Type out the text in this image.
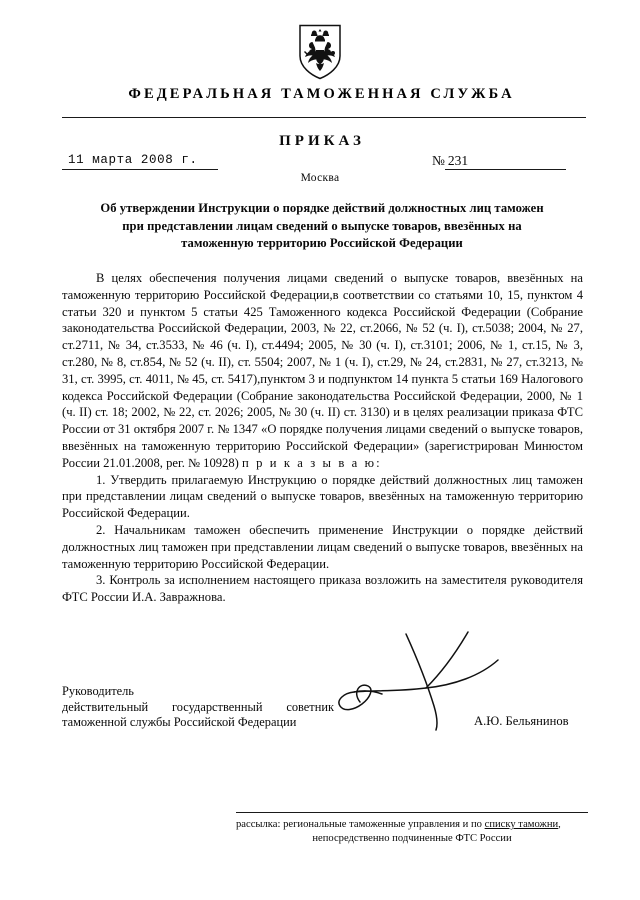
ФЕДЕРАЛЬНАЯ ТАМОЖЕННАЯ СЛУЖБА
ПРИКАЗ
11 марта 2008 г.	№ 231
Москва
Об утверждении Инструкции о порядке действий должностных лиц таможен
при представлении лицам сведений о выпуске товаров, ввезённых на
таможенную территорию Российской Федерации

В целях обеспечения получения лицами сведений о выпуске товаров, ввезённых на таможенную территорию Российской Федерации,в соответствии со статьями 10, 15, пунктом 4 статьи 320 и пунктом 5 статьи 425 Таможенного кодекса Российской Федерации (Собрание законодательства Российской Федерации, 2003, № 22, ст.2066, № 52 (ч. I), ст.5038; 2004, № 27, ст.2711, № 34, ст.3533, № 46 (ч. I), ст.4494; 2005, № 30 (ч. I), ст.3101; 2006, № 1, ст.15, № 3, ст.280, № 8, ст.854, № 52 (ч. II), ст. 5504; 2007, № 1 (ч. I), ст.29, № 24, ст.2831, № 27, ст.3213, № 31, ст. 3995, ст. 4011, № 45, ст. 5417),пунктом 3 и подпунктом 14 пункта 5 статьи 169 Налогового кодекса Российской Федерации (Собрание законодательства Российской Федерации, 2000, № 1 (ч. II) ст. 18; 2002, № 22, ст. 2026; 2005, № 30 (ч. II) ст. 3130) и в целях реализации приказа ФТС России от 31 октября 2007 г. № 1347 «О порядке получения лицами сведений о выпуске товаров, ввезённых на таможенную территорию Российской Федерации» (зарегистрирован Минюстом России 21.01.2008, рег. № 10928) п р и к а з ы в а ю:

1. Утвердить прилагаемую Инструкцию о порядке действий должностных лиц таможен при представлении лицам сведений о выпуске товаров, ввезённых на таможенную территорию Российской Федерации.

2. Начальникам таможен обеспечить применение Инструкции о порядке действий должностных лиц таможен при представлении лицам сведений о выпуске товаров, ввезённых на таможенную территорию Российской Федерации.

3. Контроль за исполнением настоящего приказа возложить на заместителя руководителя ФТС России И.А. Завражнова.

Руководитель
действительный государственный советник
таможенной службы Российской Федерации	А.Ю. Бельянинов
рассылка: региональные таможенные управления и по списку таможни,
непосредственно подчиненные ФТС России
